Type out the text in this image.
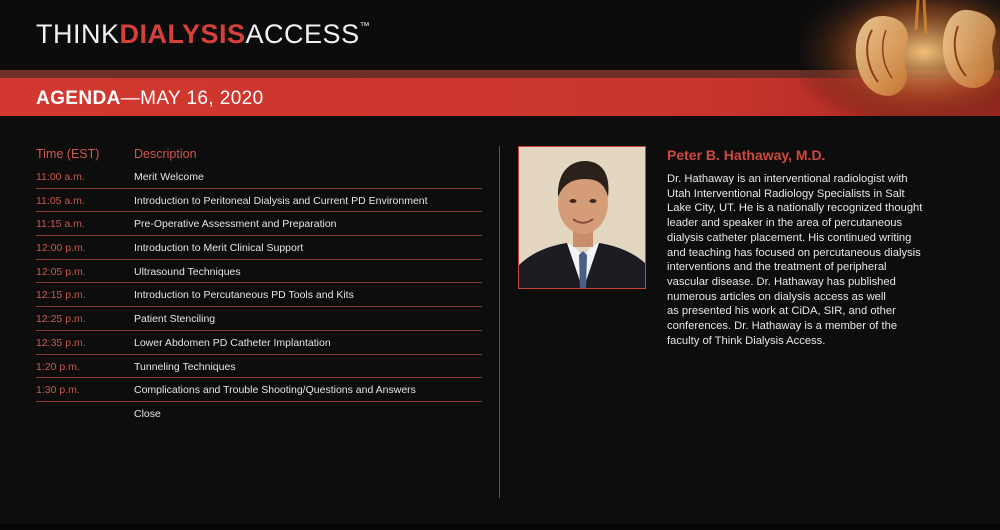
THINKDIALYSISACCESS™
AGENDA—MAY 16, 2020
Time (EST)	Description
11:00 a.m.	Merit Welcome
11:05 a.m.	Introduction to Peritoneal Dialysis and Current PD Environment
11:15 a.m.	Pre-Operative Assessment and Preparation
12:00 p.m.	Introduction to Merit Clinical Support
12:05 p.m.	Ultrasound Techniques
12:15 p.m.	Introduction to Percutaneous PD Tools and Kits
12:25 p.m.	Patient Stenciling
12:35 p.m.	Lower Abdomen PD Catheter Implantation
1:20 p.m.	Tunneling Techniques
1:30 p.m.	Complications and Trouble Shooting/Questions and Answers
Close
Peter B. Hathaway, M.D.
Dr. Hathaway is an interventional radiologist with
Utah Interventional Radiology Specialists in Salt
Lake City, UT. He is a nationally recognized thought
leader and speaker in the area of percutaneous
dialysis catheter placement. His continued writing
and teaching has focused on percutaneous dialysis
interventions and the treatment of peripheral
vascular disease. Dr. Hathaway has published
numerous articles on dialysis access as well
as presented his work at CiDA, SIR, and other
conferences. Dr. Hathaway is a member of the
faculty of Think Dialysis Access.
